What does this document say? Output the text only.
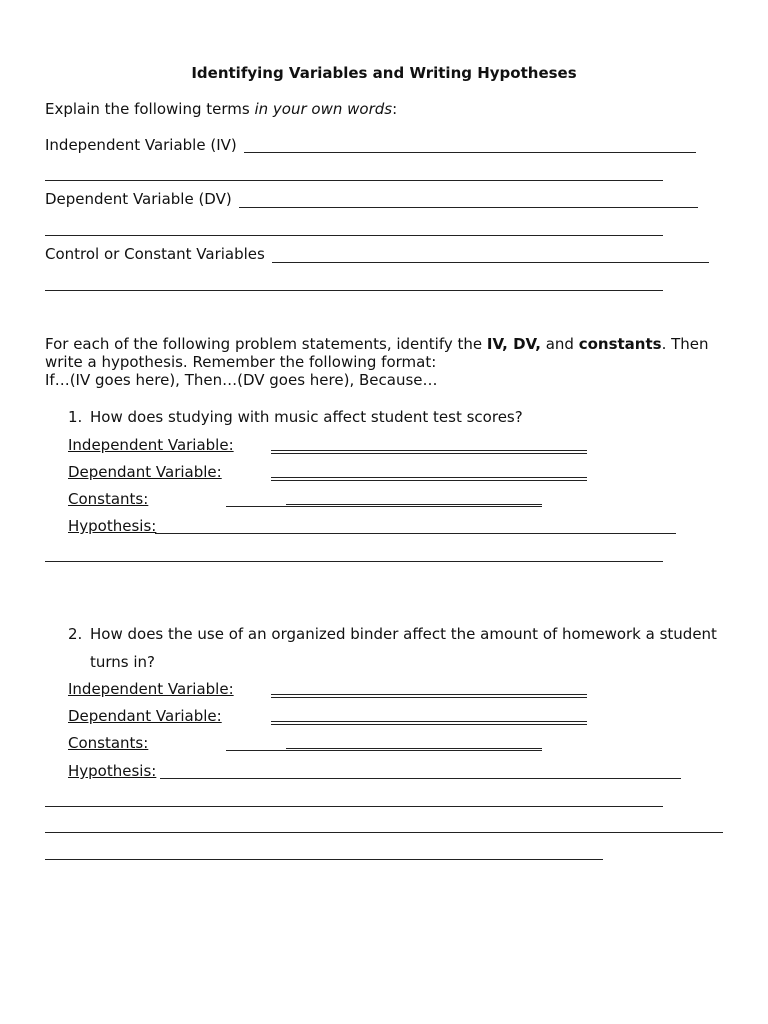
Identifying Variables and Writing Hypotheses
Explain the following terms in your own words:
Independent Variable (IV)
Dependent Variable (DV)
Control or Constant Variables
For each of the following problem statements, identify the IV, DV, and constants. Then
write a hypothesis. Remember the following format:
If…(IV goes here), Then…(DV goes here), Because…
1. How does studying with music affect student test scores?
Independent Variable:
Dependant Variable:
Constants:
Hypothesis:
2. How does the use of an organized binder affect the amount of homework a student
turns in?
Independent Variable:
Dependant Variable:
Constants:
Hypothesis:
